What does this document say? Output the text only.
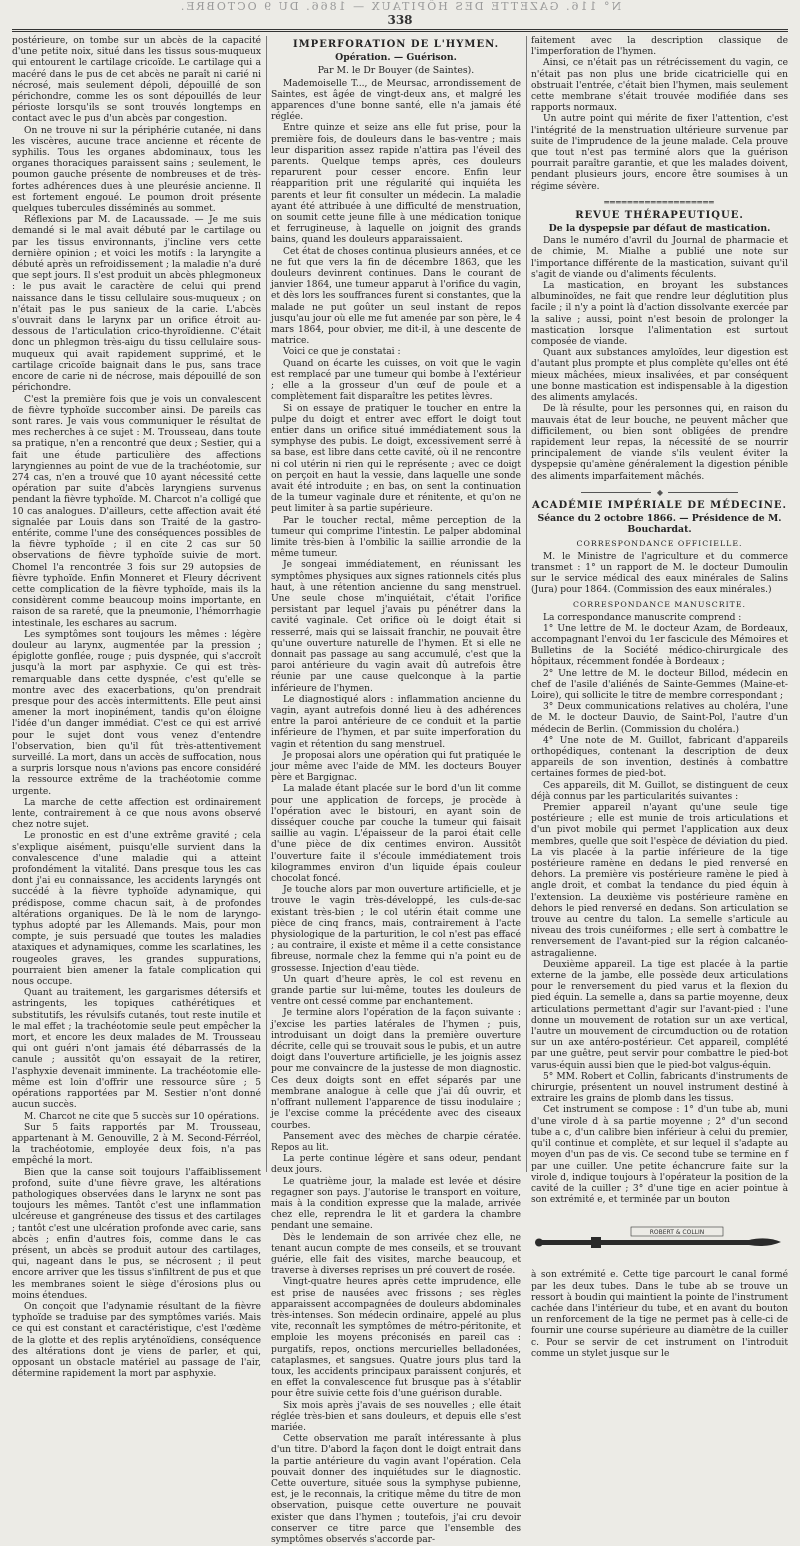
N° 116. GAZETTE DES HÔPITAUX — 1866. DU 9 OCTOBRE.
338

postérieure, on tombe sur un abcès de la capacité d'une petite noix, situé dans les tissus sous-muqueux qui entourent le cartilage cricoïde. Le cartilage qui a macéré dans le pus de cet abcès ne paraît ni carié ni nécrosé, mais seulement dépoli, dépouillé de son périchondre, comme les os sont dépouillés de leur périoste lorsqu'ils se sont trouvés longtemps en contact avec le pus d'un abcès par congestion.

On ne trouve ni sur la périphérie cutanée, ni dans les viscères, aucune trace ancienne et récente de syphilis. Tous les organes abdominaux, tous les organes thoraciques paraissent sains ; seulement, le poumon gauche présente de nombreuses et de très-fortes adhérences dues à une pleurésie ancienne. Il est fortement engoué. Le poumon droit présente quelques tubercules disséminés au sommet.

Réflexions par M. de Lacaussade. — Je me suis demandé si le mal avait débuté par le cartilage ou par les tissus environnants, j'incline vers cette dernière opinion ; et voici les motifs : la laryngite a débuté après un refroidissement ; la maladie n'a duré que sept jours. Il s'est produit un abcès phlegmoneux : le pus avait le caractère de celui qui prend naissance dans le tissu cellulaire sous-muqueux ; on n'était pas le pus sanieux de la carie. L'abcès s'ouvrait dans le larynx par un orifice étroit au-dessous de l'articulation crico-thyroïdienne. C'était donc un phlegmon très-aigu du tissu cellulaire sous-muqueux qui avait rapidement supprimé, et le cartilage cricoïde baignait dans le pus, sans trace encore de carie ni de nécrose, mais dépouillé de son périchondre.

C'est la première fois que je vois un convalescent de fièvre typhoïde succomber ainsi. De pareils cas sont rares. Je vais vous communiquer le résultat de mes recherches à ce sujet : M. Trousseau, dans toute sa pratique, n'en a rencontré que deux ; Sestier, qui a fait une étude particulière des affections laryngiennes au point de vue de la trachéotomie, sur 274 cas, n'en a trouvé que 10 ayant nécessité cette opération par suite d'abcès laryngiens survenus pendant la fièvre typhoïde. M. Charcot n'a colligé que 10 cas analogues. D'ailleurs, cette affection avait été signalée par Louis dans son Traité de la gastro-entérite, comme l'une des conséquences possibles de la fièvre typhoïde ; il en cite 2 cas sur 50 observations de fièvre typhoïde suivie de mort. Chomel l'a rencontrée 3 fois sur 29 autopsies de fièvre typhoïde. Enfin Monneret et Fleury décrivent cette complication de la fièvre typhoïde, mais ils la considèrent comme beaucoup moins importante, en raison de sa rareté, que la pneumonie, l'hémorrhagie intestinale, les eschares au sacrum.

Les symptômes sont toujours les mêmes : légère douleur au larynx, augmentée par la pression ; épiglotte gonflée, rouge ; puis dyspnée, qui s'accroît jusqu'à la mort par asphyxie. Ce qui est très-remarquable dans cette dyspnée, c'est qu'elle se montre avec des exacerbations, qu'on prendrait presque pour des accès intermittents. Elle peut ainsi amener la mort inopinément, tandis qu'on éloigne l'idée d'un danger immédiat. C'est ce qui est arrivé pour le sujet dont vous venez d'entendre l'observation, bien qu'il fût très-attentivement surveillé. La mort, dans un accès de suffocation, nous a surpris lorsque nous n'avions pas encore considéré la ressource extrême de la trachéotomie comme urgente.

La marche de cette affection est ordinairement lente, contrairement à ce que nous avons observé chez notre sujet.

Le pronostic en est d'une extrême gravité ; cela s'explique aisément, puisqu'elle survient dans la convalescence d'une maladie qui a atteint profondément la vitalité. Dans presque tous les cas dont j'ai eu connaissance, les accidents laryngés ont succédé à la fièvre typhoïde adynamique, qui prédispose, comme chacun sait, à de profondes altérations organiques. De là le nom de laryngo-typhus adopté par les Allemands. Mais, pour mon compte, je suis persuadé que toutes les maladies ataxiques et adynamiques, comme les scarlatines, les rougeoles graves, les grandes suppurations, pourraient bien amener la fatale complication qui nous occupe.

Quant au traitement, les gargarismes détersifs et astringents, les topiques cathérétiques et substitutifs, les révulsifs cutanés, tout reste inutile et le mal effet ; la trachéotomie seule peut empêcher la mort, et encore les deux malades de M. Trousseau qui ont guéri n'ont jamais été débarrassés de la canule ; aussitôt qu'on essayait de la retirer, l'asphyxie devenait imminente. La trachéotomie elle-même est loin d'offrir une ressource sûre ; 5 opérations rapportées par M. Sestier n'ont donné aucun succès.

M. Charcot ne cite que 5 succès sur 10 opérations.

Sur 5 faits rapportés par M. Trousseau, appartenant à M. Genouville, 2 à M. Second-Férréol, la trachéotomie, employée deux fois, n'a pas empêché la mort.

Bien que la canse soit toujours l'affaiblissement profond, suite d'une fièvre grave, les altérations pathologiques observées dans le larynx ne sont pas toujours les mêmes. Tantôt c'est une inflammation ulcéreuse et gangréneuse des tissus et des cartilages ; tantôt c'est une ulcération profonde avec carie, sans abcès ; enfin d'autres fois, comme dans le cas présent, un abcès se produit autour des cartilages, qui, nageant dans le pus, se nécrosent ; il peut encore arriver que les tissus s'infiltrent de pus et que les membranes soient le siège d'érosions plus ou moins étendues.

On conçoit que l'adynamie résultant de la fièvre typhoïde se traduise par des symptômes variés. Mais ce qui est constant et caractéristique, c'est l'œdème de la glotte et des replis aryténoïdiens, conséquence des altérations dont je viens de parler, et qui, opposant un obstacle matériel au passage de l'air, détermine rapidement la mort par asphyxie.

IMPERFORATION DE L'HYMEN.
Opération. — Guérison.
Par M. le Dr Bouyer (de Saintes).

Mademoiselle T..., de Meursac, arrondissement de Saintes, est âgée de vingt-deux ans, et malgré les apparences d'une bonne santé, elle n'a jamais été réglée.

Entre quinze et seize ans elle fut prise, pour la première fois, de douleurs dans le bas-ventre ; mais leur disparition assez rapide n'attira pas l'éveil des parents. Quelque temps après, ces douleurs reparurent pour cesser encore. Enfin leur réapparition prit une régularité qui inquiéta les parents et leur fit consulter un médecin. La maladie ayant été attribuée à une difficulté de menstruation, on soumit cette jeune fille à une médication tonique et ferrugineuse, à laquelle on joignit des grands bains, quand les douleurs apparaissaient.

Cet état de choses continua plusieurs années, et ce ne fut que vers la fin de décembre 1863, que les douleurs devinrent continues. Dans le courant de janvier 1864, une tumeur apparut à l'orifice du vagin, et dès lors les souffrances furent si constantes, que la malade ne put goûter un seul instant de repos jusqu'au jour où elle me fut amenée par son père, le 4 mars 1864, pour obvier, me dit-il, à une descente de matrice.

Voici ce que je constatai :

Quand on écarte les cuisses, on voit que le vagin est remplacé par une tumeur qui bombe à l'extérieur ; elle a la grosseur d'un œuf de poule et a complètement fait disparaître les petites lèvres.

Si on essaye de pratiquer le toucher en entre la pulpe du doigt et entrer avec effort le doigt tout entier dans un orifice situé immédiatement sous la symphyse des pubis. Le doigt, excessivement serré à sa base, est libre dans cette cavité, où il ne rencontre ni col utérin ni rien qui le représente ; avec ce doigt on perçoit en haut la vessie, dans laquelle une sonde avait été introduite ; en bas, on sent la continuation de la tumeur vaginale dure et rénitente, et qu'on ne peut limiter à sa partie supérieure.

Par le toucher rectal, même perception de la tumeur qui comprime l'intestin. Le palper abdominal limite très-bien à l'ombilic la saillie arrondie de la même tumeur.

Je songeai immédiatement, en réunissant les symptômes physiques aux signes rationnels cités plus haut, à une rétention ancienne du sang menstruel. Une seule chose m'inquiétait, c'était l'orifice persistant par lequel j'avais pu pénétrer dans la cavité vaginale. Cet orifice où le doigt était si resserré, mais qui se laissait franchir, ne pouvait être qu'une ouverture naturelle de l'hymen. Et si elle ne donnait pas passage au sang accumulé, c'est que la paroi antérieure du vagin avait dû autrefois être réunie par une cause quelconque à la partie inférieure de l'hymen.

Le diagnostiqué alors : inflammation ancienne du vagin, ayant autrefois donné lieu à des adhérences entre la paroi antérieure de ce conduit et la partie inférieure de l'hymen, et par suite imperforation du vagin et rétention du sang menstruel.

Je proposai alors une opération qui fut pratiquée le jour même avec l'aide de MM. les docteurs Bouyer père et Bargignac.

La malade étant placée sur le bord d'un lit comme pour une application de forceps, je procède à l'opération avec le bistouri, en ayant soin de disséquer couche par couche la tumeur qui faisait saillie au vagin. L'épaisseur de la paroi était celle d'une pièce de dix centimes environ. Aussitôt l'ouverture faite il s'écoule immédiatement trois kilogrammes environ d'un liquide épais couleur chocolat foncé.

Je touche alors par mon ouverture artificielle, et je trouve le vagin très-développé, les culs-de-sac existant très-bien ; le col utérin était comme une pièce de cinq francs, mais, contrairement à l'acte physiologique de la parturition, le col n'est pas effacé ; au contraire, il existe et même il a cette consistance fibreuse, normale chez la femme qui n'a point eu de grossesse. Injection d'eau tiède.

Un quart d'heure après, le col est revenu en grande partie sur lui-même, toutes les douleurs de ventre ont cessé comme par enchantement.

Je termine alors l'opération de la façon suivante : j'excise les parties latérales de l'hymen ; puis, introduisant un doigt dans la première ouverture décrite, celle qui se trouvait sous le pubis, et un autre doigt dans l'ouverture artificielle, je les joignis assez pour me convaincre de la justesse de mon diagnostic. Ces deux doigts sont en effet séparés par une membrane analogue à celle que j'ai dû ouvrir, et n'offrant nullement l'apparence de tissu inodulaire ; je l'excise comme la précédente avec des ciseaux courbes.

Pansement avec des mèches de charpie cératée. Repos au lit.

La perte continue légère et sans odeur, pendant deux jours.

Le quatrième jour, la malade est levée et désire regagner son pays. J'autorise le transport en voiture, mais à la condition expresse que la malade, arrivée chez elle, reprendra le lit et gardera la chambre pendant une semaine.

Dès le lendemain de son arrivée chez elle, ne tenant aucun compte de mes conseils, et se trouvant guérie, elle fait des visites, marche beaucoup, et traverse à diverses reprises un pré couvert de rosée.

Vingt-quatre heures après cette imprudence, elle est prise de nausées avec frissons ; ses règles apparaissent accompagnées de douleurs abdominales très-intenses. Son médecin ordinaire, appelé au plus vite, reconnaît les symptômes de métro-péritonite, et emploie les moyens préconisés en pareil cas : purgatifs, repos, onctions mercurielles belladonées, cataplasmes, et sangsues. Quatre jours plus tard la toux, les accidents principaux paraissent conjurés, et en effet la convalescence fut brusque pas à s'établir pour être suivie cette fois d'une guérison durable.

Six mois après j'avais de ses nouvelles ; elle était réglée très-bien et sans douleurs, et depuis elle s'est mariée.

Cette observation me paraît intéressante à plus d'un titre. D'abord la façon dont le doigt entrait dans la partie antérieure du vagin avant l'opération. Cela pouvait donner des inquiétudes sur le diagnostic. Cette ouverture, située sous la symphyse pubienne, est, je le reconnais, la critique même du titre de mon observation, puisque cette ouverture ne pouvait exister que dans l'hymen ; toutefois, j'ai cru devoir conserver ce titre parce que l'ensemble des symptômes observés s'accorde par-

faitement avec la description classique de l'imperforation de l'hymen.

Ainsi, ce n'était pas un rétrécissement du vagin, ce n'était pas non plus une bride cicatricielle qui en obstruait l'entrée, c'était bien l'hymen, mais seulement cette membrane s'était trouvée modifiée dans ses rapports normaux.

Un autre point qui mérite de fixer l'attention, c'est l'intégrité de la menstruation ultérieure survenue par suite de l'imprudence de la jeune malade. Cela prouve que tout n'est pas terminé alors que la guérison pourrait paraître garantie, et que les malades doivent, pendant plusieurs jours, encore être soumises à un régime sévère.

═══════════════════
REVUE THÉRAPEUTIQUE.
De la dyspepsie par défaut de mastication.

Dans le numéro d'avril du Journal de pharmacie et de chimie, M. Mialhe a publié une note sur l'importance différente de la mastication, suivant qu'il s'agit de viande ou d'aliments féculents.

La mastication, en broyant les substances albuminoïdes, ne fait que rendre leur déglutition plus facile ; il n'y a point là d'action dissolvante exercée par la salive ; aussi, point n'est besoin de prolonger la mastication lorsque l'alimentation est surtout composée de viande.

Quant aux substances amyloïdes, leur digestion est d'autant plus prompte et plus complète qu'elles ont été mieux mâchées, mieux insalivées, et par conséquent une bonne mastication est indispensable à la digestion des aliments amylacés.

De là résulte, pour les personnes qui, en raison du mauvais état de leur bouche, ne peuvent mâcher que difficilement, ou bien sont obligées de prendre rapidement leur repas, la nécessité de se nourrir principalement de viande s'ils veulent éviter la dyspepsie qu'amène généralement la digestion pénible des aliments imparfaitement mâchés.

◆
ACADÉMIE IMPÉRIALE DE MÉDECINE.
Séance du 2 octobre 1866. — Présidence de M. Bouchardat.
CORRESPONDANCE OFFICIELLE.

M. le Ministre de l'agriculture et du commerce transmet : 1° un rapport de M. le docteur Dumoulin sur le service médical des eaux minérales de Salins (Jura) pour 1864. (Commission des eaux minérales.)

CORRESPONDANCE MANUSCRITE.

La correspondance manuscrite comprend :

1° Une lettre de M. le docteur Azam, de Bordeaux, accompagnant l'envoi du 1er fascicule des Mémoires et Bulletins de la Société médico-chirurgicale des hôpitaux, récemment fondée à Bordeaux ;

2° Une lettre de M. le docteur Billod, médecin en chef de l'asile d'aliénés de Sainte-Gemmes (Maine-et-Loire), qui sollicite le titre de membre correspondant ;

3° Deux communications relatives au choléra, l'une de M. le docteur Dauvio, de Saint-Pol, l'autre d'un médecin de Berlin. (Commission du choléra.)

4° Une note de M. Guillot, fabricant d'appareils orthopédiques, contenant la description de deux appareils de son invention, destinés à combattre certaines formes de pied-bot.

Ces appareils, dit M. Guillot, se distinguent de ceux déjà connus par les particularités suivantes :

Premier appareil n'ayant qu'une seule tige postérieure ; elle est munie de trois articulations et d'un pivot mobile qui permet l'application aux deux membres, quelle que soit l'espèce de déviation du pied. La vis placée à la partie inférieure de la tige postérieure ramène en dedans le pied renversé en dehors. La première vis postérieure ramène le pied à angle droit, et combat la tendance du pied équin à l'extension. La deuxième vis postérieure ramène en dehors le pied renversé en dedans. Son articulation se trouve au centre du talon. La semelle s'articule au niveau des trois cunéiformes ; elle sert à combattre le renversement de l'avant-pied sur la région calcanéo-astragalienne.

Deuxième appareil. La tige est placée à la partie externe de la jambe, elle possède deux articulations pour le renversement du pied varus et la flexion du pied équin. La semelle a, dans sa partie moyenne, deux articulations permettant d'agir sur l'avant-pied : l'une donne un mouvement de rotation sur un axe vertical, l'autre un mouvement de circumduction ou de rotation sur un axe antéro-postérieur. Cet appareil, complété par une guêtre, peut servir pour combattre le pied-bot varus-équin aussi bien que le pied-bot valgus-équin.

5° MM. Robert et Collin, fabricants d'instruments de chirurgie, présentent un nouvel instrument destiné à extraire les grains de plomb dans les tissus.

Cet instrument se compose : 1° d'un tube ab, muni d'une virole d à sa partie moyenne ; 2° d'un second tube a c, d'un calibre bien inférieur à celui du premier, qu'il continue et complète, et sur lequel il s'adapte au moyen d'un pas de vis. Ce second tube se termine en f par une cuiller. Une petite échancrure faite sur la virole d, indique toujours à l'opérateur la position de la cavité de la cuiller ; 3° d'une tige en acier pointue à son extrémité e, et terminée par un bouton

ROBERT & COLLIN

à son extrémité e. Cette tige parcourt le canal formé par les deux tubes. Dans le tube ab se trouve un ressort à boudin qui maintient la pointe de l'instrument cachée dans l'intérieur du tube, et en avant du bouton un renforcement de la tige ne permet pas à celle-ci de fournir une course supérieure au diamètre de la cuiller c. Pour se servir de cet instrument on l'introduit comme un stylet jusque sur le
